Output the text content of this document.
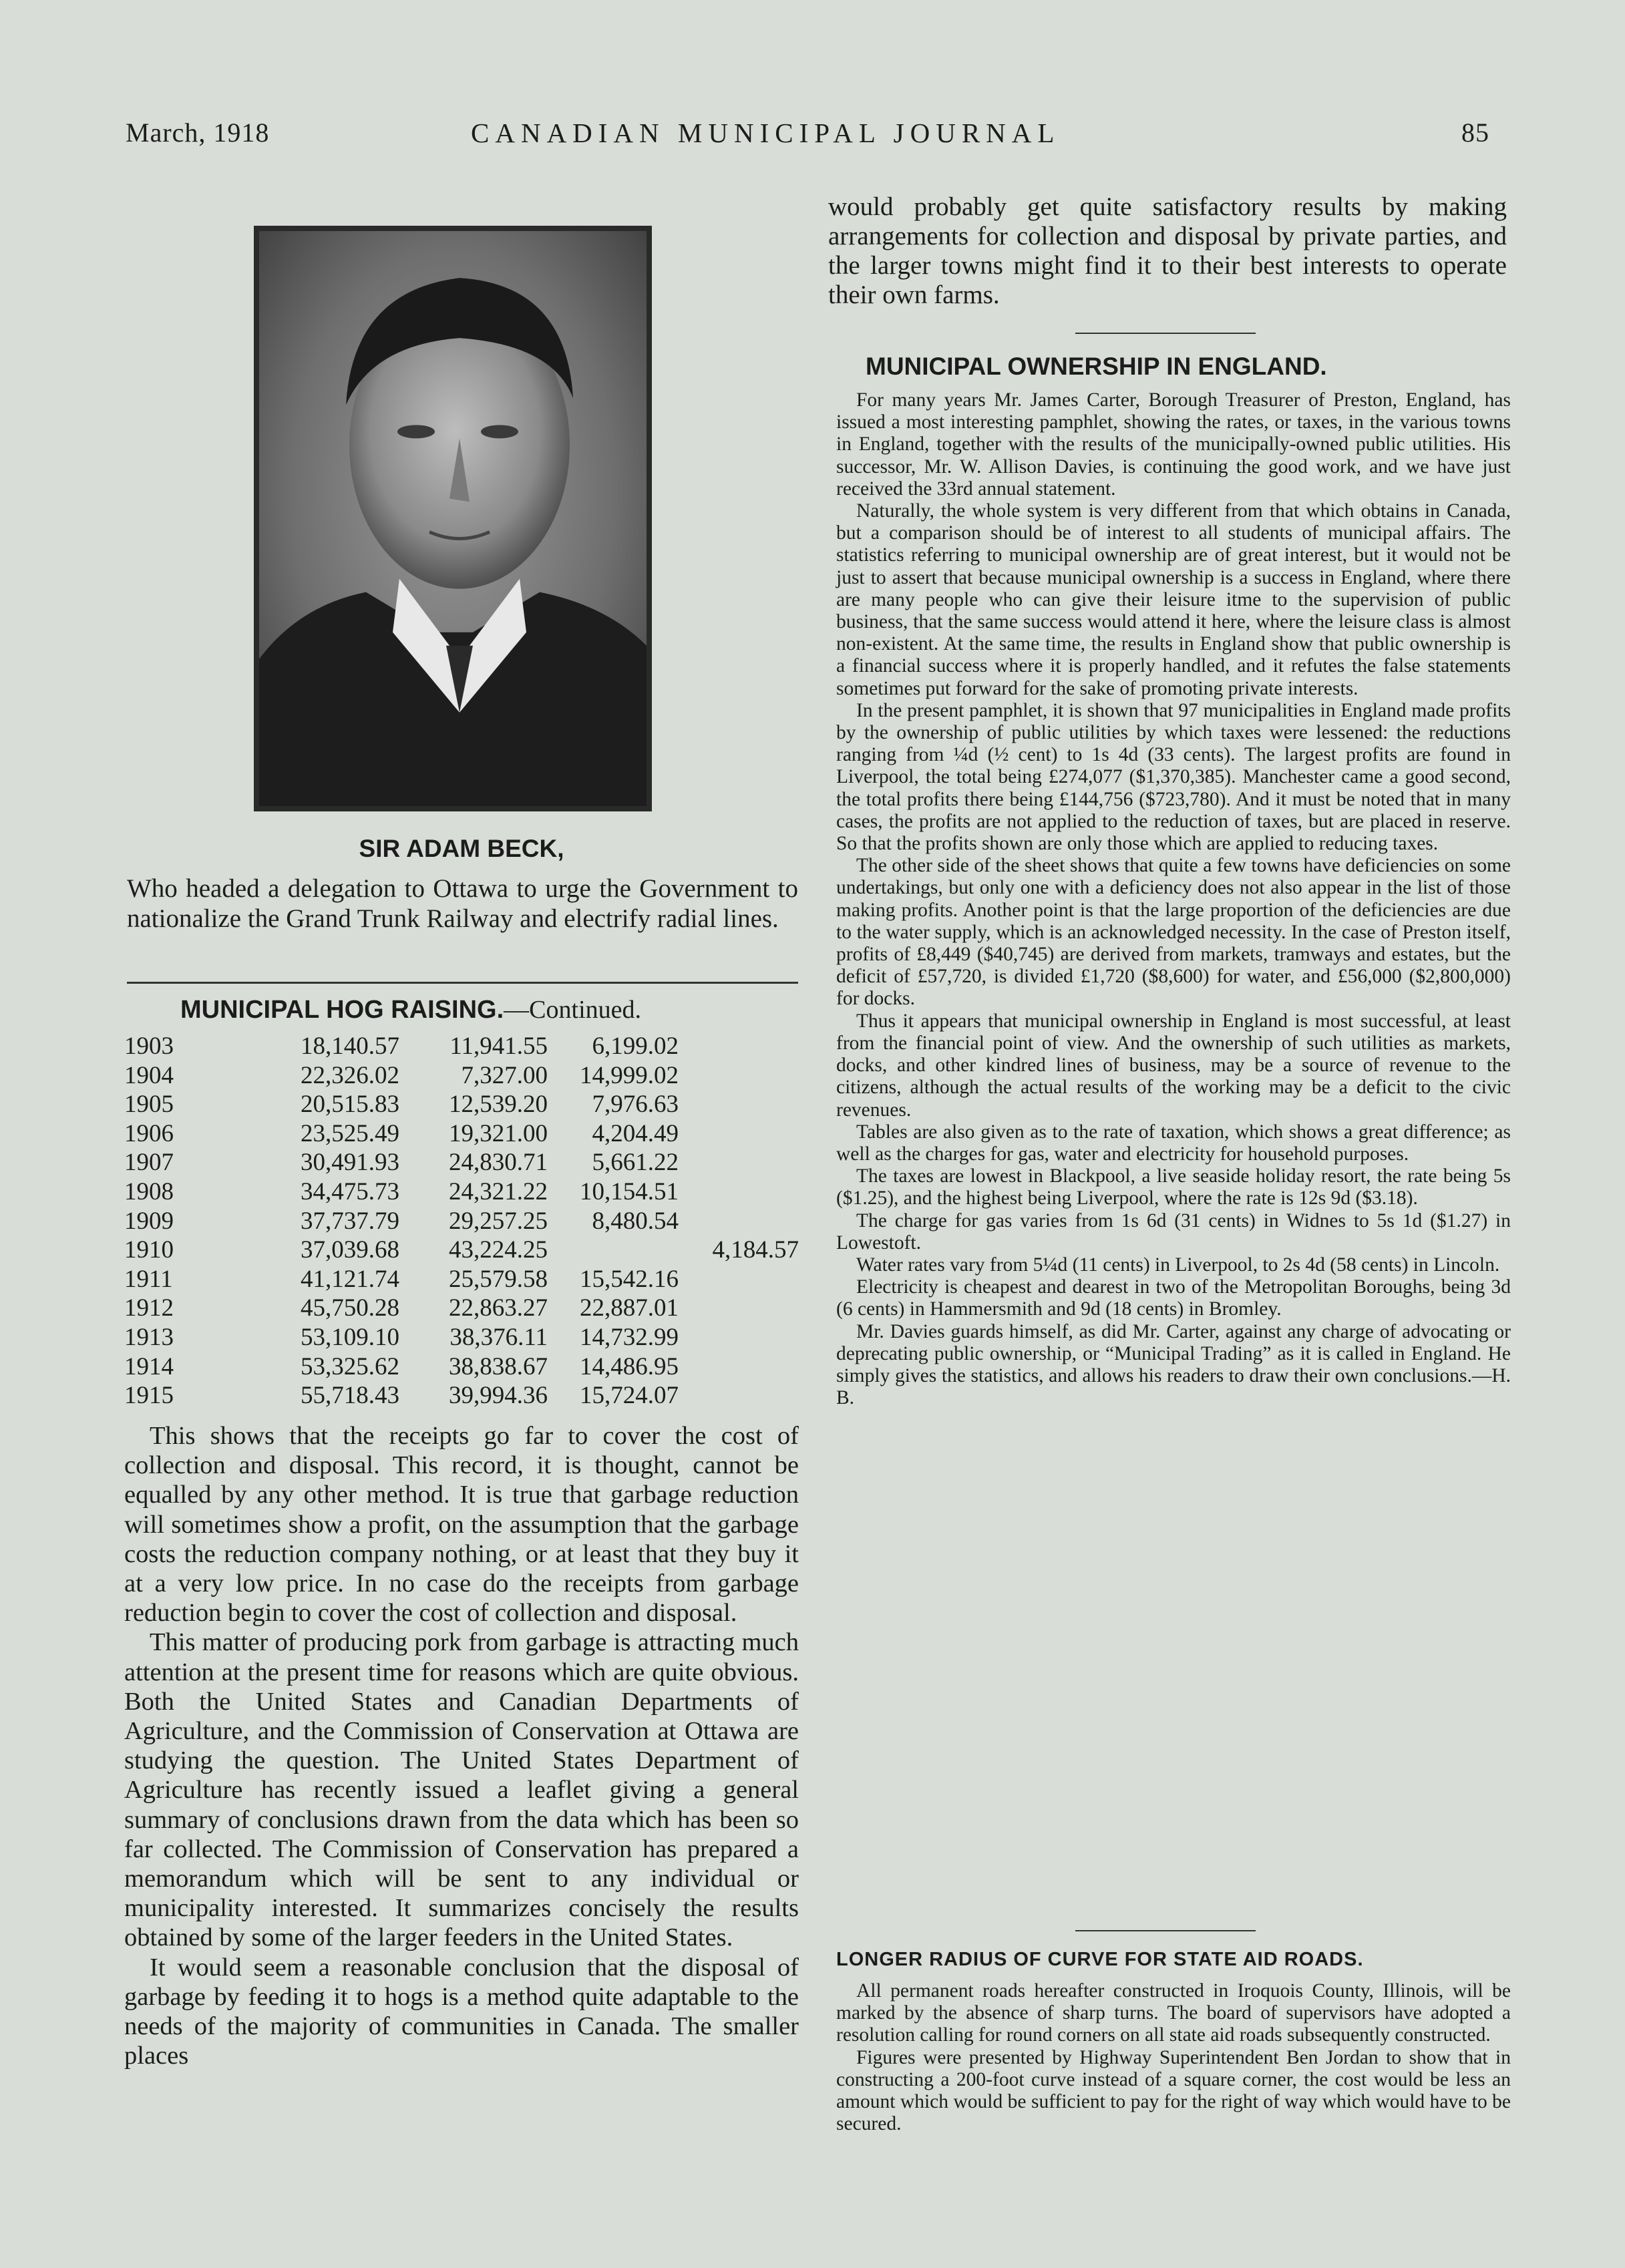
March, 1918	CANADIAN MUNICIPAL JOURNAL	85
SIR ADAM BECK,
Who headed a delegation to Ottawa to urge the Government to nationalize the Grand Trunk Railway and electrify radial lines.
MUNICIPAL HOG RAISING.—Continued.
1903	18,140.57	11,941.55	6,199.02	
1904	22,326.02	7,327.00	14,999.02	
1905	20,515.83	12,539.20	7,976.63	
1906	23,525.49	19,321.00	4,204.49	
1907	30,491.93	24,830.71	5,661.22	
1908	34,475.73	24,321.22	10,154.51	
1909	37,737.79	29,257.25	8,480.54	
1910	37,039.68	43,224.25		4,184.57
1911	41,121.74	25,579.58	15,542.16	
1912	45,750.28	22,863.27	22,887.01	
1913	53,109.10	38,376.11	14,732.99	
1914	53,325.62	38,838.67	14,486.95	
1915	55,718.43	39,994.36	15,724.07	

This shows that the receipts go far to cover the cost of collection and disposal. This record, it is thought, cannot be equalled by any other method. It is true that garbage reduction will sometimes show a profit, on the assumption that the garbage costs the reduction company nothing, or at least that they buy it at a very low price. In no case do the receipts from garbage reduction begin to cover the cost of collection and disposal.

This matter of producing pork from garbage is attracting much attention at the present time for reasons which are quite obvious. Both the United States and Canadian Departments of Agriculture, and the Commission of Conservation at Ottawa are studying the question. The United States Department of Agriculture has recently issued a leaflet giving a general summary of conclusions drawn from the data which has been so far collected. The Commission of Conservation has prepared a memorandum which will be sent to any individual or municipality interested. It summarizes concisely the results obtained by some of the larger feeders in the United States.

It would seem a reasonable conclusion that the disposal of garbage by feeding it to hogs is a method quite adaptable to the needs of the majority of communities in Canada. The smaller places

would probably get quite satisfactory results by making arrangements for collection and disposal by private parties, and the larger towns might find it to their best interests to operate their own farms.

MUNICIPAL OWNERSHIP IN ENGLAND.

For many years Mr. James Carter, Borough Treasurer of Preston, England, has issued a most interesting pamphlet, showing the rates, or taxes, in the various towns in England, together with the results of the municipally-owned public utilities. His successor, Mr. W. Allison Davies, is continuing the good work, and we have just received the 33rd annual statement.

Naturally, the whole system is very different from that which obtains in Canada, but a comparison should be of interest to all students of municipal affairs. The statistics referring to municipal ownership are of great interest, but it would not be just to assert that because municipal ownership is a success in England, where there are many people who can give their leisure itme to the supervision of public business, that the same success would attend it here, where the leisure class is almost non-existent. At the same time, the results in England show that public ownership is a financial success where it is properly handled, and it refutes the false statements sometimes put forward for the sake of promoting private interests.

In the present pamphlet, it is shown that 97 municipalities in England made profits by the ownership of public utilities by which taxes were lessened: the reductions ranging from ¼d (½ cent) to 1s 4d (33 cents). The largest profits are found in Liverpool, the total being £274,077 ($1,370,385). Manchester came a good second, the total profits there being £144,756 ($723,780). And it must be noted that in many cases, the profits are not applied to the reduction of taxes, but are placed in reserve. So that the profits shown are only those which are applied to reducing taxes.

The other side of the sheet shows that quite a few towns have deficiencies on some undertakings, but only one with a deficiency does not also appear in the list of those making profits. Another point is that the large proportion of the deficiencies are due to the water supply, which is an acknowledged necessity. In the case of Preston itself, profits of £8,449 ($40,745) are derived from markets, tramways and estates, but the deficit of £57,720, is divided £1,720 ($8,600) for water, and £56,000 ($2,800,000) for docks.

Thus it appears that municipal ownership in England is most successful, at least from the financial point of view. And the ownership of such utilities as markets, docks, and other kindred lines of business, may be a source of revenue to the citizens, although the actual results of the working may be a deficit to the civic revenues.

Tables are also given as to the rate of taxation, which shows a great difference; as well as the charges for gas, water and electricity for household purposes.

The taxes are lowest in Blackpool, a live seaside holiday resort, the rate being 5s ($1.25), and the highest being Liverpool, where the rate is 12s 9d ($3.18).

The charge for gas varies from 1s 6d (31 cents) in Widnes to 5s 1d ($1.27) in Lowestoft.

Water rates vary from 5¼d (11 cents) in Liverpool, to 2s 4d (58 cents) in Lincoln.

Electricity is cheapest and dearest in two of the Metropolitan Boroughs, being 3d (6 cents) in Hammersmith and 9d (18 cents) in Bromley.

Mr. Davies guards himself, as did Mr. Carter, against any charge of advocating or deprecating public ownership, or “Municipal Trading” as it is called in England. He simply gives the statistics, and allows his readers to draw their own conclusions.—H. B.

LONGER RADIUS OF CURVE FOR STATE AID ROADS.

All permanent roads hereafter constructed in Iroquois County, Illinois, will be marked by the absence of sharp turns. The board of supervisors have adopted a resolution calling for round corners on all state aid roads subsequently constructed.

Figures were presented by Highway Superintendent Ben Jordan to show that in constructing a 200-foot curve instead of a square corner, the cost would be less an amount which would be sufficient to pay for the right of way which would have to be secured.
